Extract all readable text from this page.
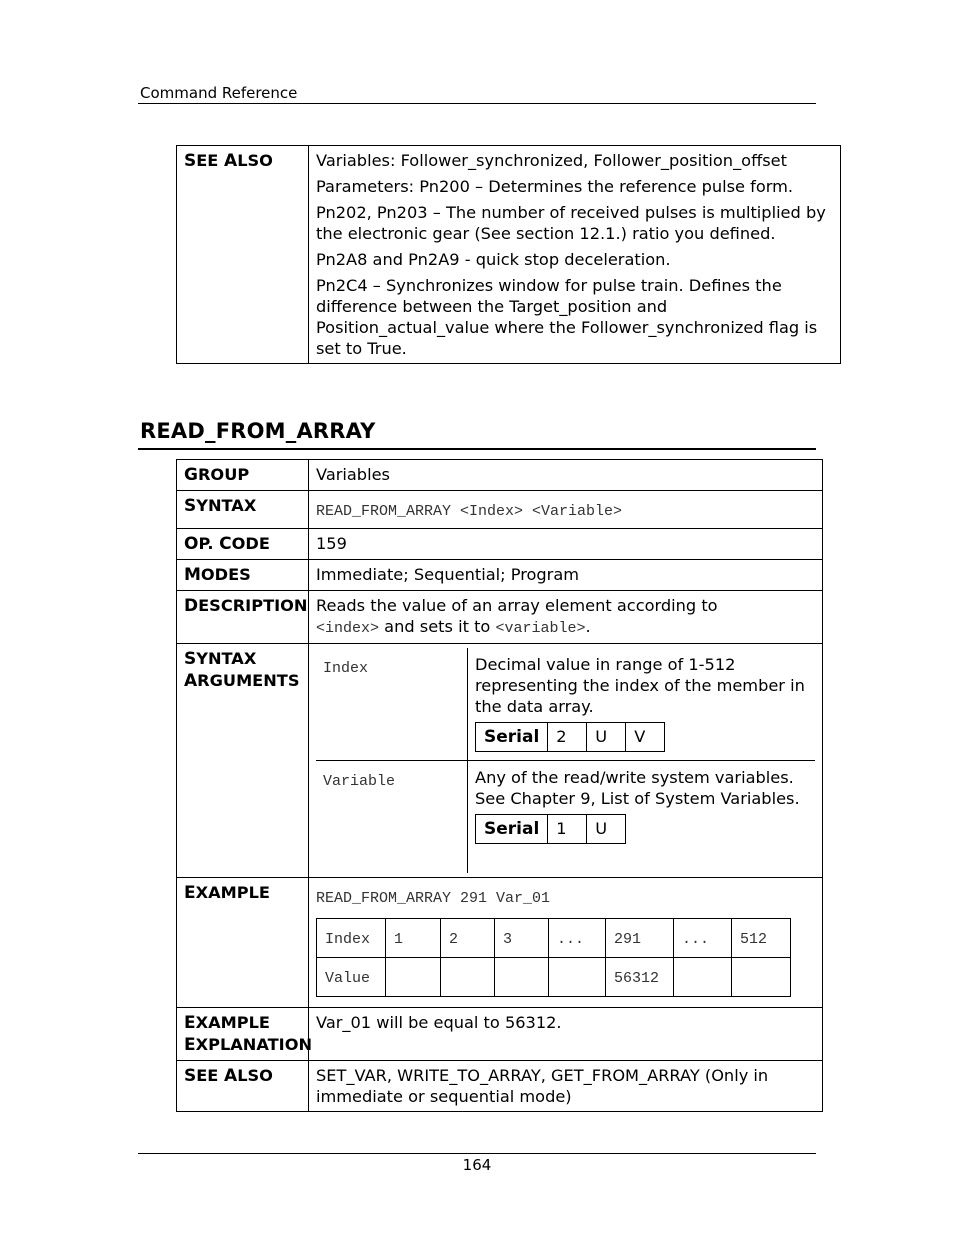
Command Reference
SEE ALSO	Variables: Follower_synchronized, Follower_position_offset

Parameters: Pn200 – Determines the reference pulse form.

Pn202, Pn203 – The number of received pulses is multiplied by the electronic gear (See section 12.1.) ratio you defined.

Pn2A8 and Pn2A9 - quick stop deceleration.

Pn2C4 – Synchronizes window for pulse train. Defines the difference between the Target_position and Position_actual_value where the Follower_synchronized flag is set to True.

READ_FROM_ARRAY
GROUP	Variables
SYNTAX	READ_FROM_ARRAY <Index> <Variable>
OP. CODE	159
MODES	Immediate; Sequential; Program
DESCRIPTION	Reads the value of an array element according to
<index> and sets it to <variable>.
SYNTAX
ARGUMENTS	
Index	Decimal value in range of 1-512 representing the index of the member in the data array.
Serial	2	U	V

Variable	Any of the read/write system variables. See Chapter 9, List of System Variables.
Serial	1	U

EXAMPLE	READ_FROM_ARRAY 291 Var_01
Index	1	2	3	...	291	...	512
Value					56312		

EXAMPLE
EXPLANATION	Var_01 will be equal to 56312.
SEE ALSO	SET_VAR, WRITE_TO_ARRAY, GET_FROM_ARRAY (Only in immediate or sequential mode)
164
